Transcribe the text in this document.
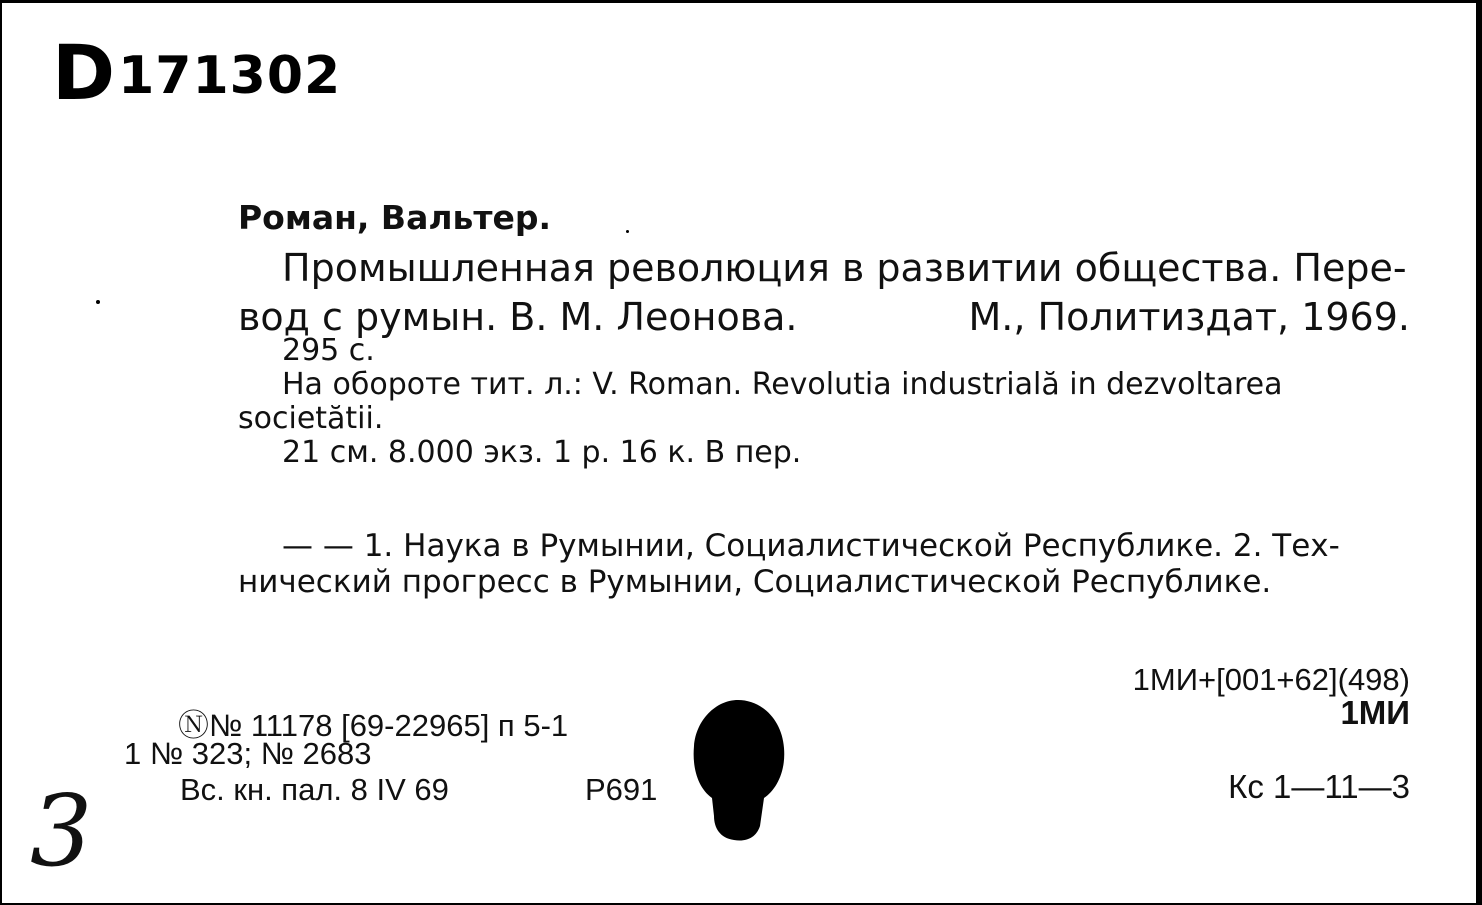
D171302
Роман, Вальтер.
Промышленная революция в развитии общества. Пере-
вод с румын. В. М. Леонова.	М., Политиздат, 1969.
295 с.
На обороте тит. л.: V. Roman. Revolutia industrială in dezvoltarea
societătii.
21 см. 8.000 экз. 1 р. 16 к. В пер.
— — 1. Наука в Румынии, Социалистической Республике. 2. Тех-
нический прогресс в Румынии, Социалистической Республике.
Ⓝ№ 11178 [69-22965] п 5-1
1 № 323; № 2683
Вс. кн. пал. 8 IV 69	Р691
1МИ+[001+62](498)
1МИ
Кс 1—11—3
3
